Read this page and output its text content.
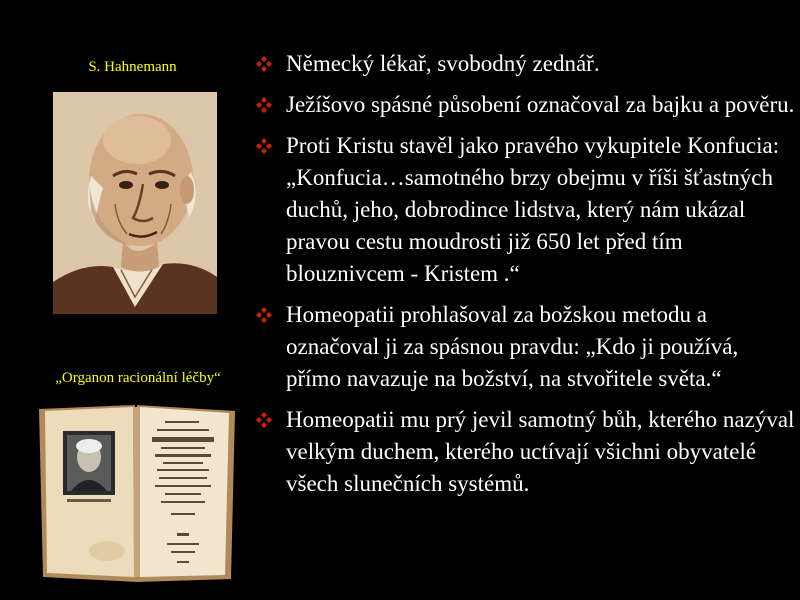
S. Hahnemann
„Organon racionální léčby“
Německý lékař, svobodný zednář.
Ježíšovo spásné působení označoval za bajku a pověru.
Proti Kristu stavěl jako pravého vykupitele Konfucia: „Konfucia…samotného brzy obejmu v říši šťastných duchů, jeho, dobrodince lidstva, který nám ukázal pravou cestu moudrosti již 650 let před tím blouznivcem - Kristem .“
Homeopatii prohlašoval za božskou metodu a označoval ji za spásnou pravdu: „Kdo ji používá, přímo navazuje na božství, na stvořitele světa.“
Homeopatii mu prý jevil samotný bůh, kterého nazýval velkým duchem, kterého uctívají všichni obyvatelé všech slunečních systémů.
